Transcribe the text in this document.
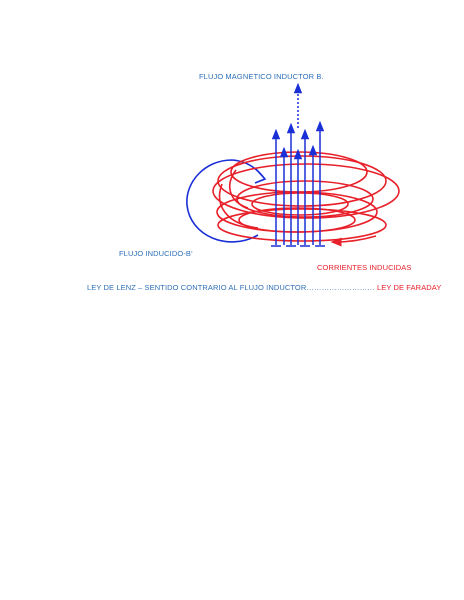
FLUJO MAGNETICO INDUCTOR B.
FLUJO INDUCIDO-B’
CORRIENTES INDUCIDAS
LEY DE LENZ – SENTIDO CONTRARIO AL FLUJO INDUCTOR……………………… LEY DE FARADAY
